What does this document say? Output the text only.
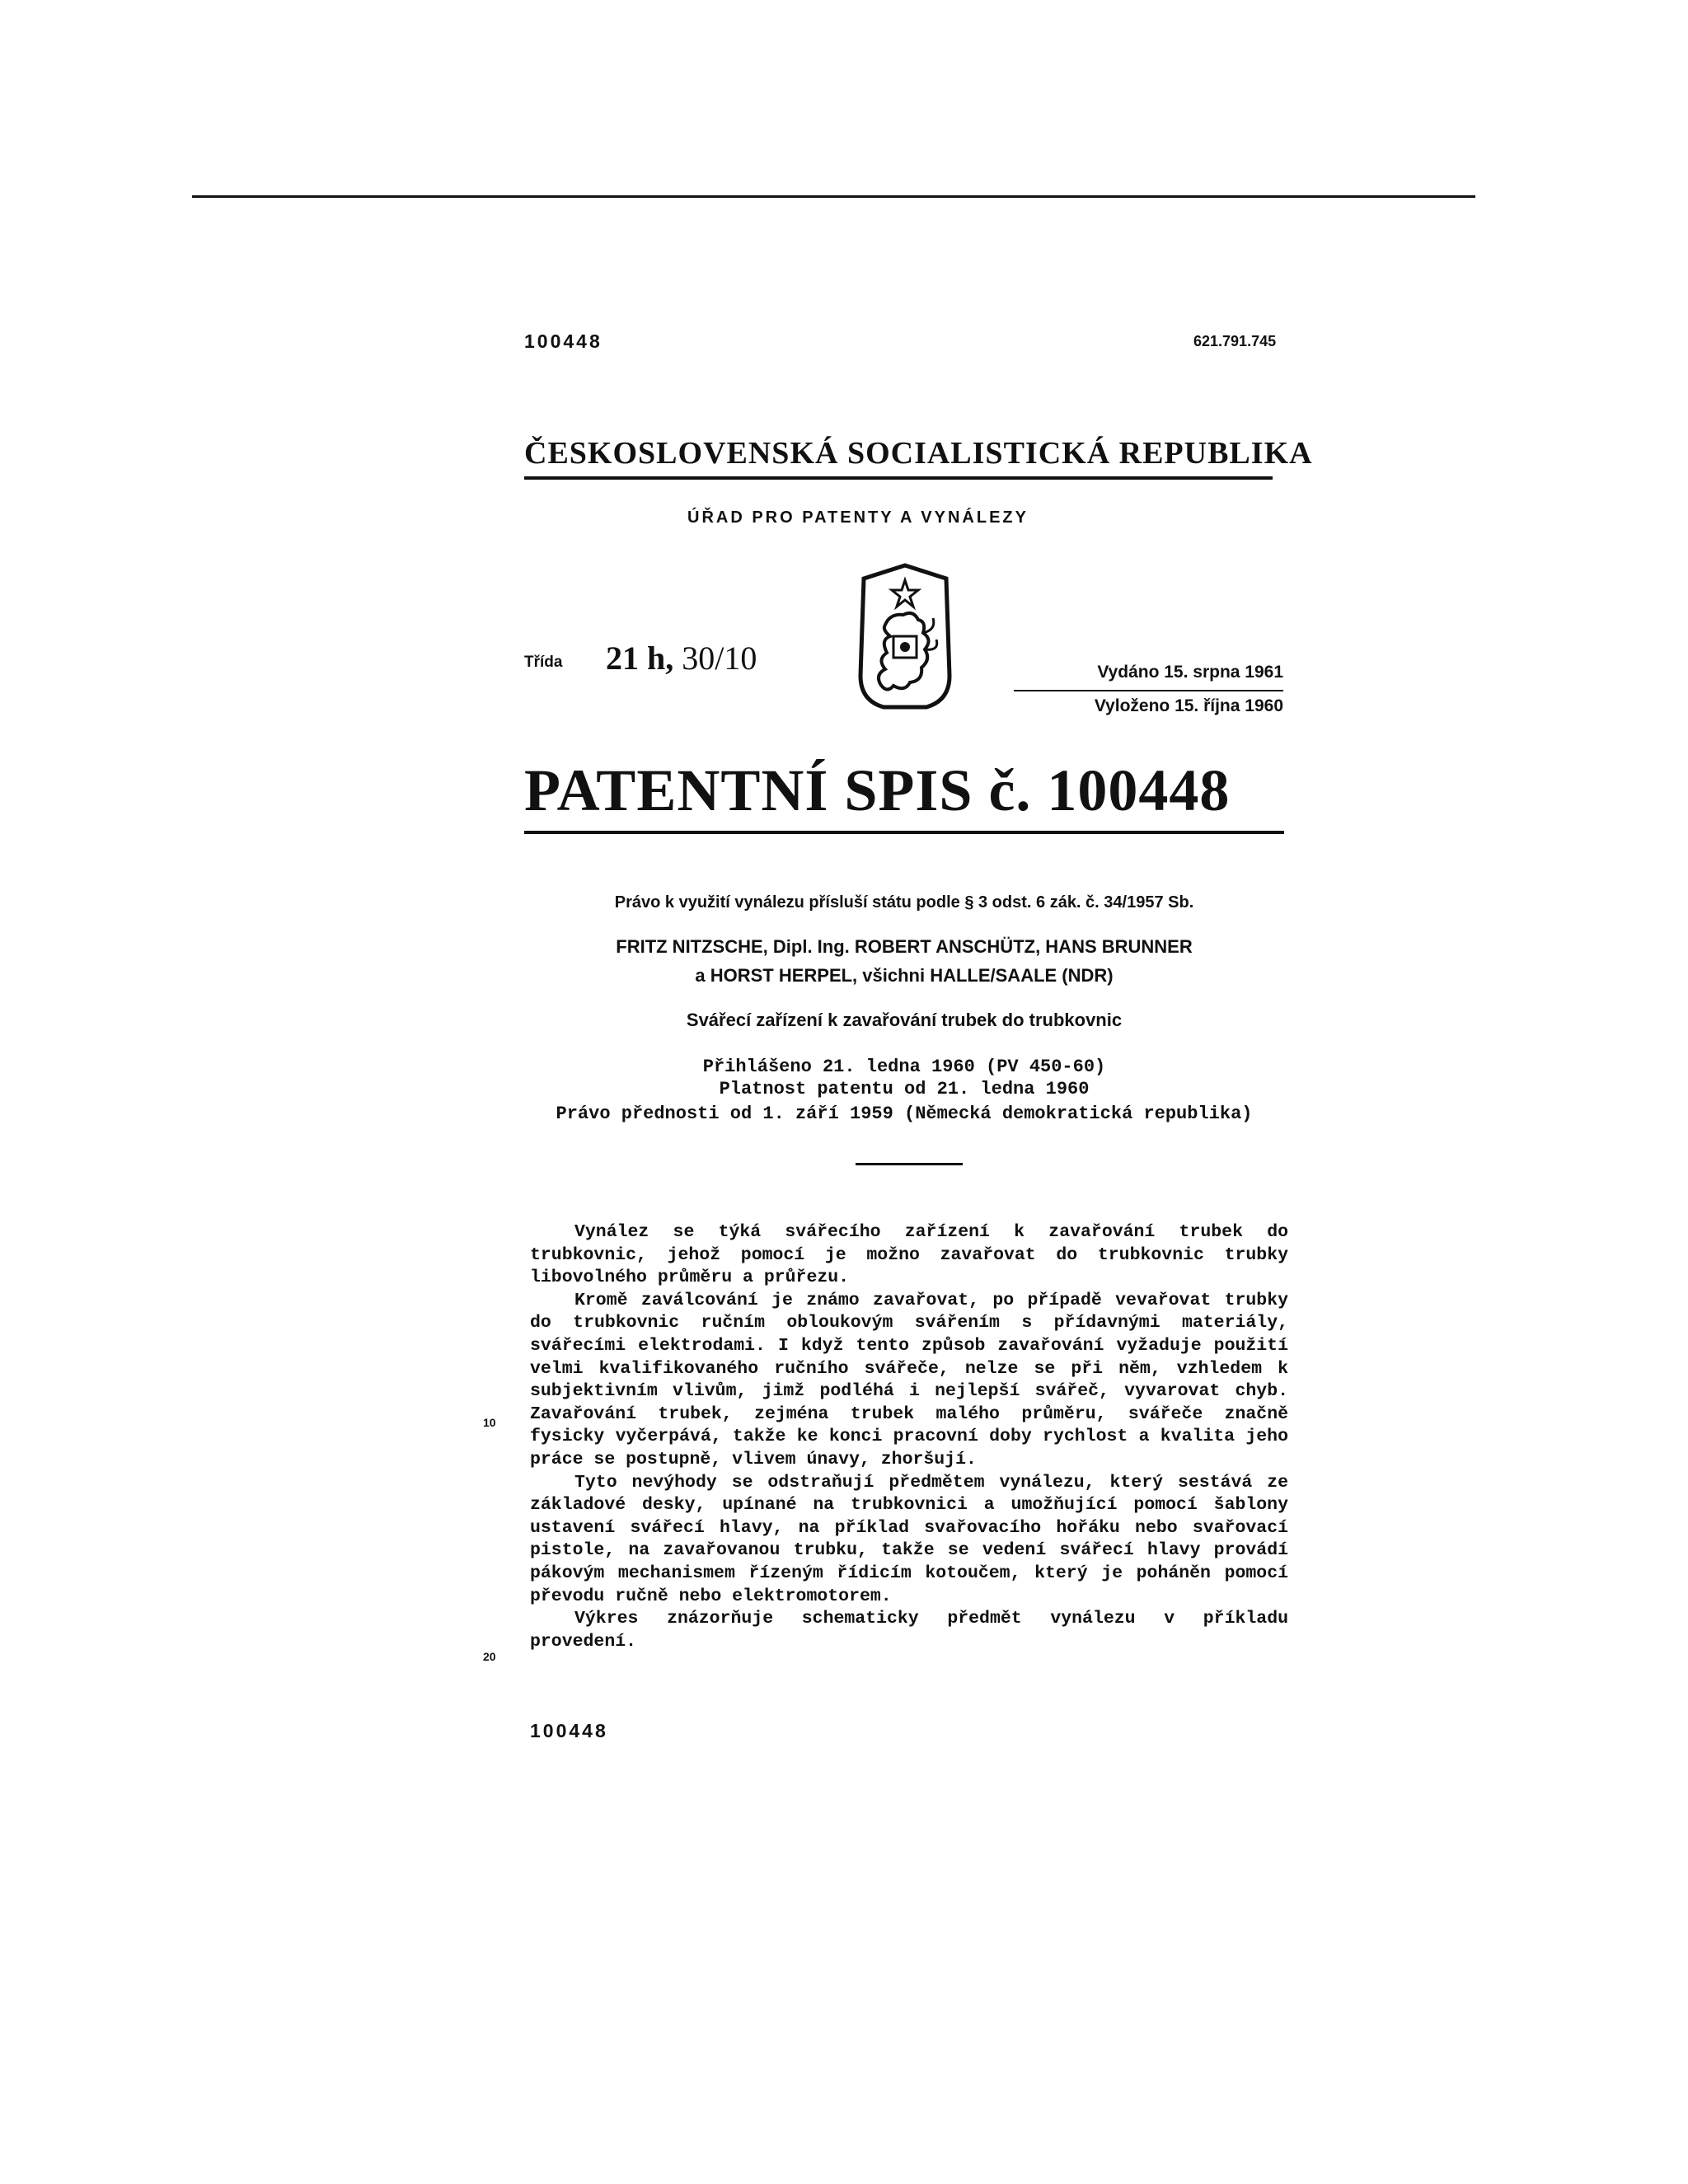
100448	621.791.745
ČESKOSLOVENSKÁ SOCIALISTICKÁ REPUBLIKA
ÚŘAD PRO PATENTY A VYNÁLEZY
Třída 21 h, 30/10	Vydáno 15. srpna 1961
Vyloženo 15. října 1960
PATENTNÍ SPIS č. 100448
Právo k využití vynálezu přísluší státu podle § 3 odst. 6 zák. č. 34/1957 Sb.
FRITZ NITZSCHE, Dipl. Ing. ROBERT ANSCHÜTZ, HANS BRUNNER
a HORST HERPEL, všichni HALLE/SAALE (NDR)
Svářecí zařízení k zavařování trubek do trubkovnic
Přihlášeno 21. ledna 1960 (PV 450-60)
Platnost patentu od 21. ledna 1960
Právo přednosti od 1. září 1959 (Německá demokratická republika)

Vynález se týká svářecího zařízení k zavařování trubek do trubkovnic, jehož pomocí je možno zavařovat do trubkovnic trubky libovolného průměru a průřezu.

Kromě zaválcování je známo zavařovat, po případě vevařovat trubky do trubkovnic ručním obloukovým svářením s přídavnými materiály, svářecími elektrodami. I když tento způsob zavařování vyžaduje použití velmi kvalifikovaného ručního svářeče, nelze se při něm, vzhledem k subjektivním vlivům, jimž podléhá i nejlepší svářeč, vyvarovat chyb. Zavařování trubek, zejména trubek malého průměru, svářeče značně fysicky vyčerpává, takže ke konci pracovní doby rychlost a kvalita jeho práce se postupně, vlivem únavy, zhoršují.

Tyto nevýhody se odstraňují předmětem vynálezu, který sestává ze základové desky, upínané na trubkovnici a umožňující pomocí šablony ustavení svářecí hlavy, na příklad svařovacího hořáku nebo svařovací pistole, na zavařovanou trubku, takže se vedení svářecí hlavy provádí pákovým mechanismem řízeným řídicím kotoučem, který je poháněn pomocí převodu ručně nebo elektromotorem.

Výkres znázorňuje schematicky předmět vynálezu v příkladu provedení.

10
20
100448
